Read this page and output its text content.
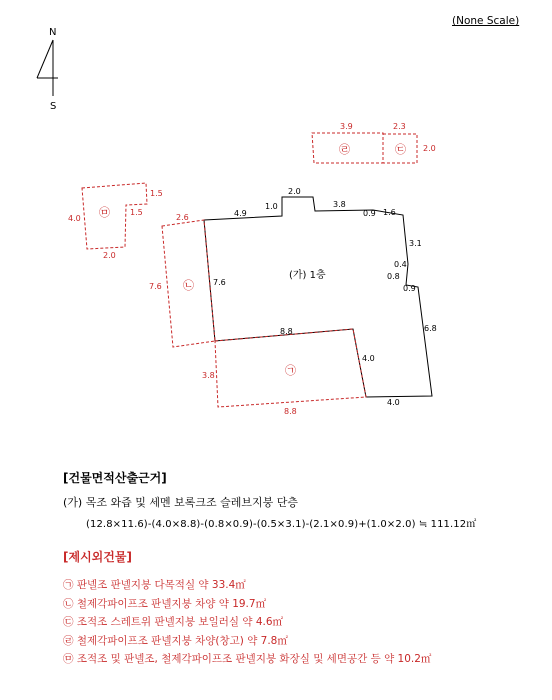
(None Scale)
N
S
(가) 1층
4.9
1.0
2.0
3.8
0.9 1.6
3.1
0.4
0.8
0.9
6.8
7.6
8.8
4.0
4.0
㉠
8.8
3.8
㉡
2.6
7.6
㉢
2.3
2.0
㉣
3.9
㉤
1.5
1.5
4.0
2.0
[건물면적산출근거]
(가) 목조 와즙 및 세멘 보록크조 슬레브지붕 단층
(12.8×11.6)-(4.0×8.8)-(0.8×0.9)-(0.5×3.1)-(2.1×0.9)+(1.0×2.0) ≒ 111.12㎡
[제시외건물]
㉠ 판넬조 판넬지붕 다목적실 약 33.4㎡
㉡ 철제각파이프조 판넬지붕 차양 약 19.7㎡
㉢ 조적조 스레트위 판넬지붕 보일러실 약 4.6㎡
㉣ 철제각파이프조 판넬지붕 차양(창고) 약 7.8㎡
㉤ 조적조 및 판넬조, 철제각파이프조 판넬지붕 화장실 및 세면공간 등 약 10.2㎡
